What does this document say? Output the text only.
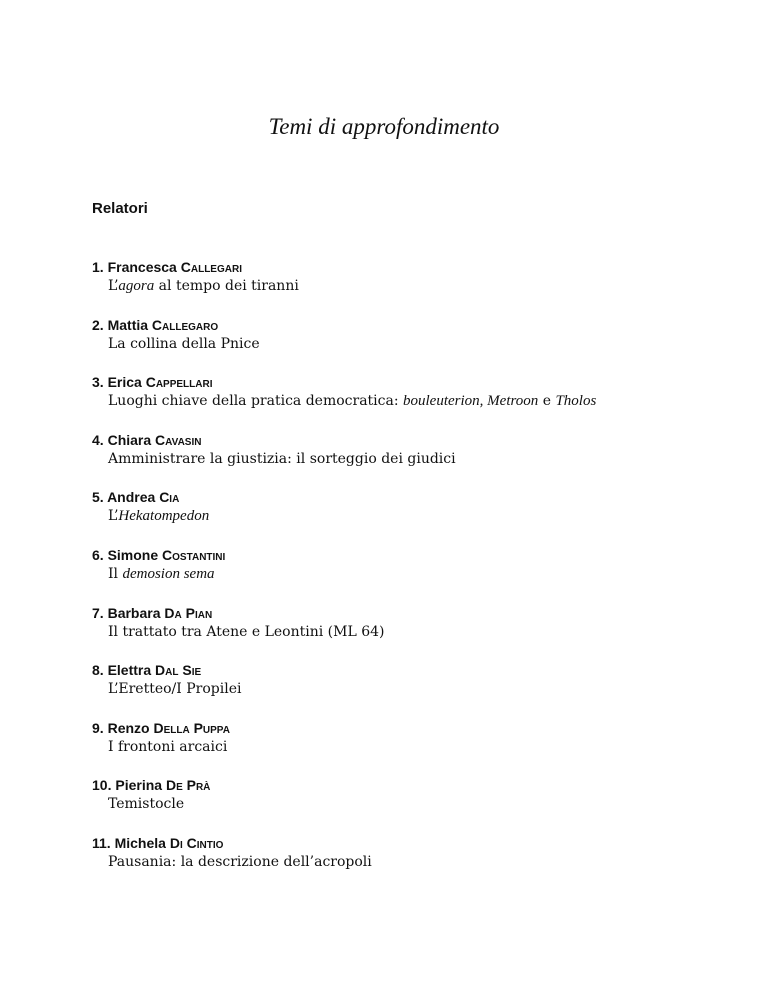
Temi di approfondimento
Relatori
1. Francesca Callegari
L’agora al tempo dei tiranni
2. Mattia Callegaro
La collina della Pnice
3. Erica Cappellari
Luoghi chiave della pratica democratica: bouleuterion, Metroon e Tholos
4. Chiara Cavasin
Amministrare la giustizia: il sorteggio dei giudici
5. Andrea Cia
L’Hekatompedon
6. Simone Costantini
Il demosion sema
7. Barbara Da Pian
Il trattato tra Atene e Leontini (ML 64)
8. Elettra Dal Sie
L’Eretteo/I Propilei
9. Renzo Della Puppa
I frontoni arcaici
10. Pierina De Prà
Temistocle
11. Michela Di Cintio
Pausania: la descrizione dell’acropoli
